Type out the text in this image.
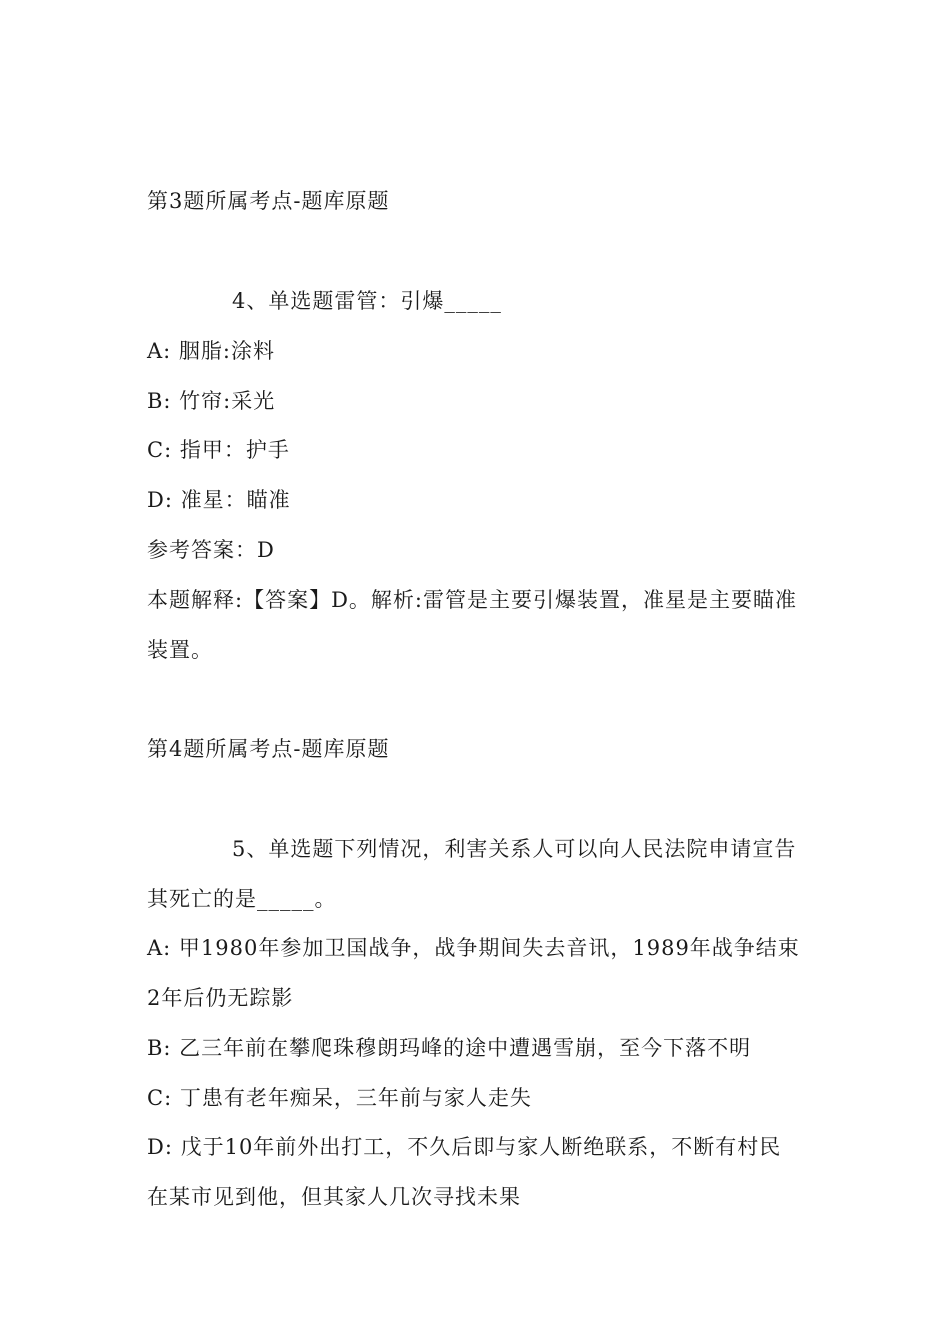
第3题所属考点-题库原题
4、单选题雷管：引爆_____
A: 胭脂:涂料
B: 竹帘:采光
C: 指甲：护手
D: 准星：瞄准
参考答案：D
本题解释:【答案】D。解析:雷管是主要引爆装置，准星是主要瞄准
装置。
第4题所属考点-题库原题
5、单选题下列情况，利害关系人可以向人民法院申请宣告
其死亡的是_____。
A: 甲1980年参加卫国战争，战争期间失去音讯，1989年战争结束
2年后仍无踪影
B: 乙三年前在攀爬珠穆朗玛峰的途中遭遇雪崩，至今下落不明
C: 丁患有老年痴呆，三年前与家人走失
D: 戊于10年前外出打工，不久后即与家人断绝联系，不断有村民
在某市见到他，但其家人几次寻找未果
